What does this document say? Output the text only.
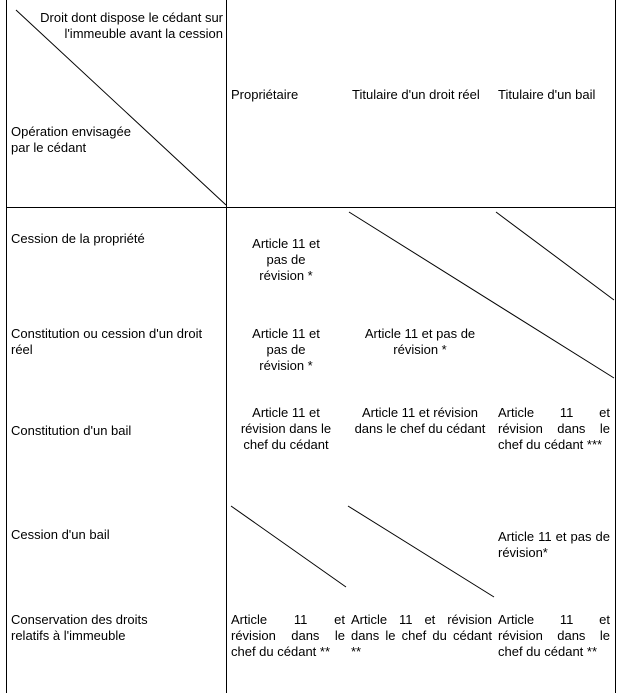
Droit dont dispose le cédant sur l'immeuble avant la cession
Opération envisagée par le cédant
Propriétaire	Titulaire d'un droit réel	Titulaire d'un bail
Cession de la propriété
Constitution ou cession d'un droit réel
Constitution d'un bail
Cession d'un bail
Conservation des droits relatifs à l'immeuble
Article 11 et pas de révision *
Article 11 et pas de révision *
Article 11 et pas de révision *
Article 11 et révision dans le chef du cédant
Article 11 et révision dans le chef du cédant
Article 11 et révision dans le chef du cédant ***
Article 11 et pas de révision*
Article 11 et révision dans le chef du cédant **
Article 11 et révision dans le chef du cédant **
Article 11 et révision dans le chef du cédant **
